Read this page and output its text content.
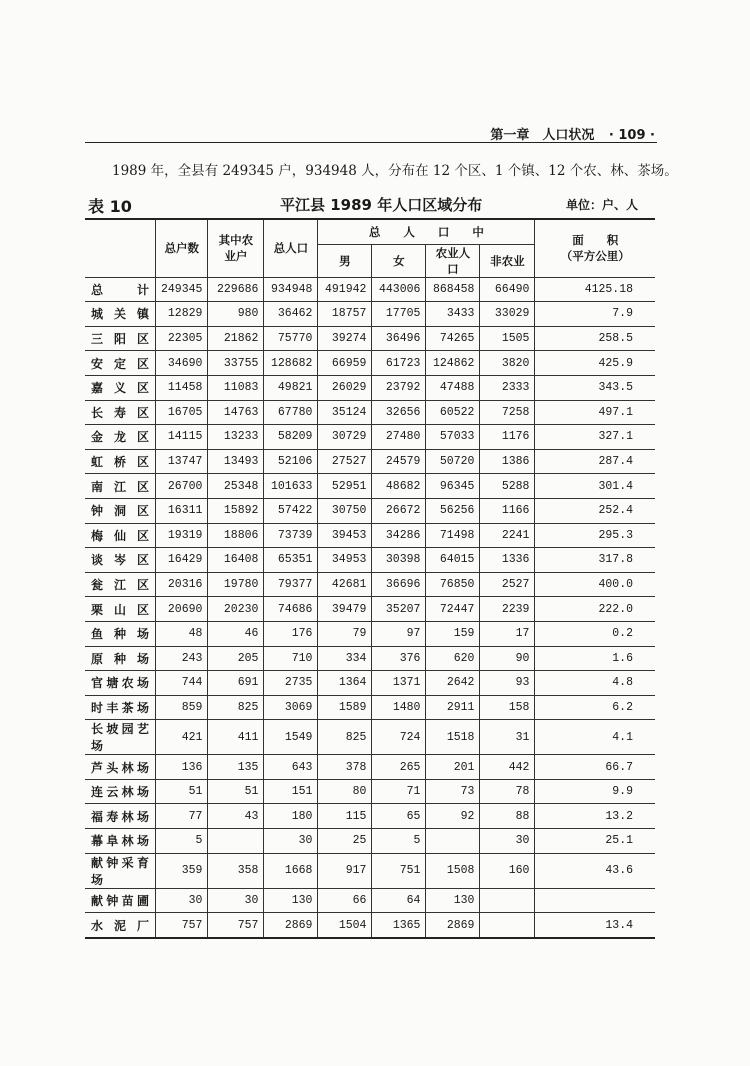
第一章　人口状况 · 109 ·
1989 年，全县有 249345 户，934948 人，分布在 12 个区、1 个镇、12 个农、林、茶场。
表 10	平江县 1989 年人口区域分布	单位：户、人
	总户数	其中农业户	总人口	总　　人　　口　　中				面　　积
（平方公里）

				男	女	农业人口	非农业	
总计	249345	229686	934948	491942	443006	868458	66490	4125.18
城关镇	12829	980	36462	18757	17705	3433	33029	7.9
三阳区	22305	21862	75770	39274	36496	74265	1505	258.5
安定区	34690	33755	128682	66959	61723	124862	3820	425.9
嘉义区	11458	11083	49821	26029	23792	47488	2333	343.5
长寿区	16705	14763	67780	35124	32656	60522	7258	497.1
金龙区	14115	13233	58209	30729	27480	57033	1176	327.1
虹桥区	13747	13493	52106	27527	24579	50720	1386	287.4
南江区	26700	25348	101633	52951	48682	96345	5288	301.4
钟洞区	16311	15892	57422	30750	26672	56256	1166	252.4
梅仙区	19319	18806	73739	39453	34286	71498	2241	295.3
谈岑区	16429	16408	65351	34953	30398	64015	1336	317.8
瓮江区	20316	19780	79377	42681	36696	76850	2527	400.0
栗山区	20690	20230	74686	39479	35207	72447	2239	222.0
鱼种场	48	46	176	79	97	159	17	0.2
原种场	243	205	710	334	376	620	90	1.6
官塘农场	744	691	2735	1364	1371	2642	93	4.8
时丰茶场	859	825	3069	1589	1480	2911	158	6.2
长坡园艺场	421	411	1549	825	724	1518	31	4.1
芦头林场	136	135	643	378	265	201	442	66.7
连云林场	51	51	151	80	71	73	78	9.9
福寿林场	77	43	180	115	65	92	88	13.2
幕阜林场	5		30	25	5		30	25.1
献钟采育场	359	358	1668	917	751	1508	160	43.6
献钟苗圃	30	30	130	66	64	130		
水泥厂	757	757	2869	1504	1365	2869		13.4
